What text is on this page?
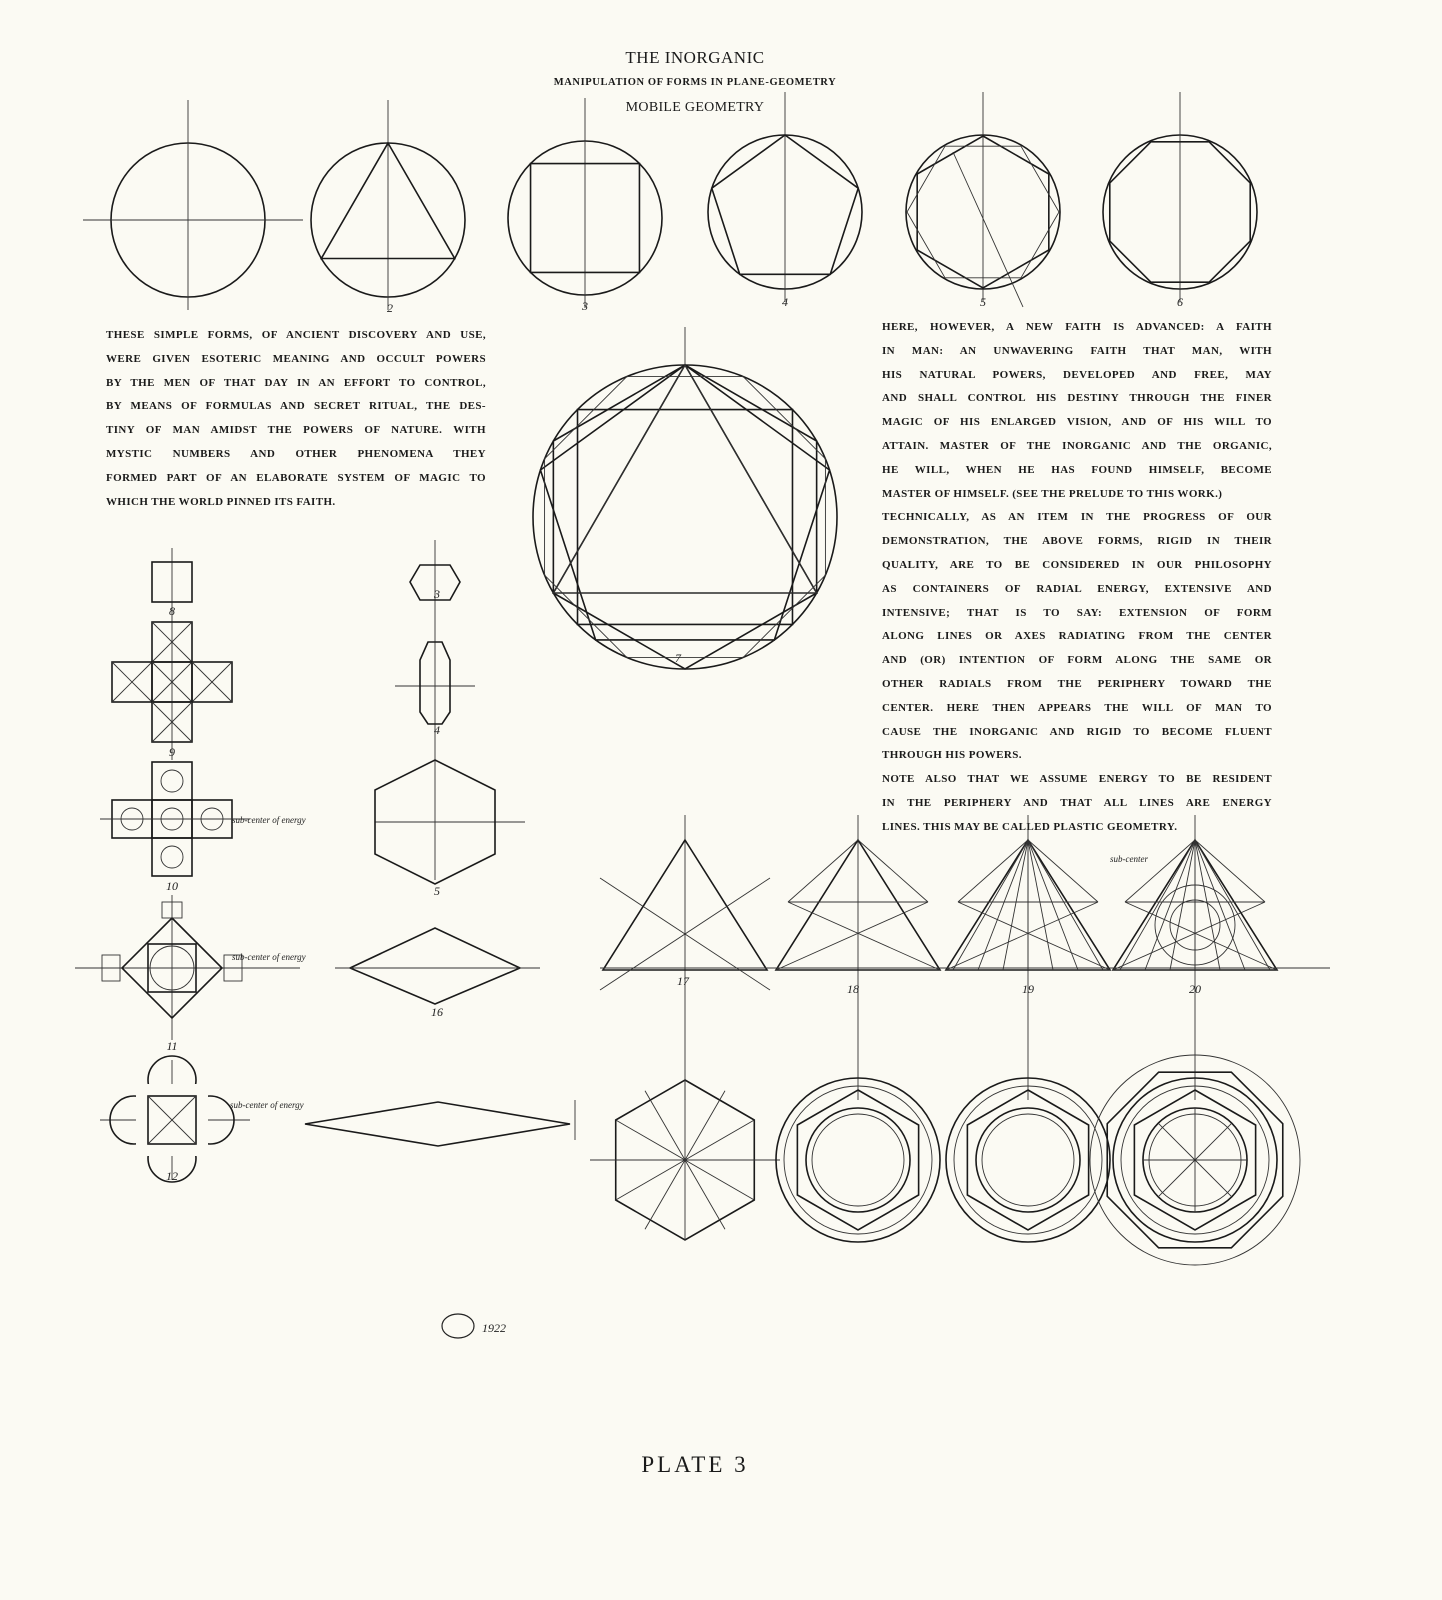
THE INORGANIC
MANIPULATION OF FORMS IN PLANE-GEOMETRY
MOBILE GEOMETRY
THESE SIMPLE FORMS, OF ANCIENT DISCOVERY AND USE,
WERE GIVEN ESOTERIC MEANING AND OCCULT POWERS
BY THE MEN OF THAT DAY IN AN EFFORT TO CONTROL,
BY MEANS OF FORMULAS AND SECRET RITUAL, THE DES-
TINY OF MAN AMIDST THE POWERS OF NATURE. WITH
MYSTIC NUMBERS AND OTHER PHENOMENA THEY
FORMED PART OF AN ELABORATE SYSTEM OF MAGIC TO
WHICH THE WORLD PINNED ITS FAITH.
HERE, HOWEVER, A NEW FAITH IS ADVANCED: A FAITH
IN MAN: AN UNWAVERING FAITH THAT MAN, WITH
HIS NATURAL POWERS, DEVELOPED AND FREE, MAY
AND SHALL CONTROL HIS DESTINY THROUGH THE FINER
MAGIC OF HIS ENLARGED VISION, AND OF HIS WILL TO
ATTAIN. MASTER OF THE INORGANIC AND THE ORGANIC,
HE WILL, WHEN HE HAS FOUND HIMSELF, BECOME
MASTER OF HIMSELF. (SEE THE PRELUDE TO THIS WORK.)
TECHNICALLY, AS AN ITEM IN THE PROGRESS OF OUR
DEMONSTRATION, THE ABOVE FORMS, RIGID IN THEIR
QUALITY, ARE TO BE CONSIDERED IN OUR PHILOSOPHY
AS CONTAINERS OF RADIAL ENERGY, EXTENSIVE AND
INTENSIVE; THAT IS TO SAY: EXTENSION OF FORM
ALONG LINES OR AXES RADIATING FROM THE CENTER
AND (OR) INTENTION OF FORM ALONG THE SAME OR
OTHER RADIALS FROM THE PERIPHERY TOWARD THE
CENTER. HERE THEN APPEARS THE WILL OF MAN TO
CAUSE THE INORGANIC AND RIGID TO BECOME FLUENT
THROUGH HIS POWERS.
NOTE ALSO THAT WE ASSUME ENERGY TO BE RESIDENT
IN THE PERIPHERY AND THAT ALL LINES ARE ENERGY
LINES. THIS MAY BE CALLED PLASTIC GEOMETRY.
2	3	4	5	6
7
8
9
sub-center of energy
10
sub-center of energy
11
sub-center of energy
12
3
4
5
16
17
18	19	20
sub-center
1922
PLATE 3
